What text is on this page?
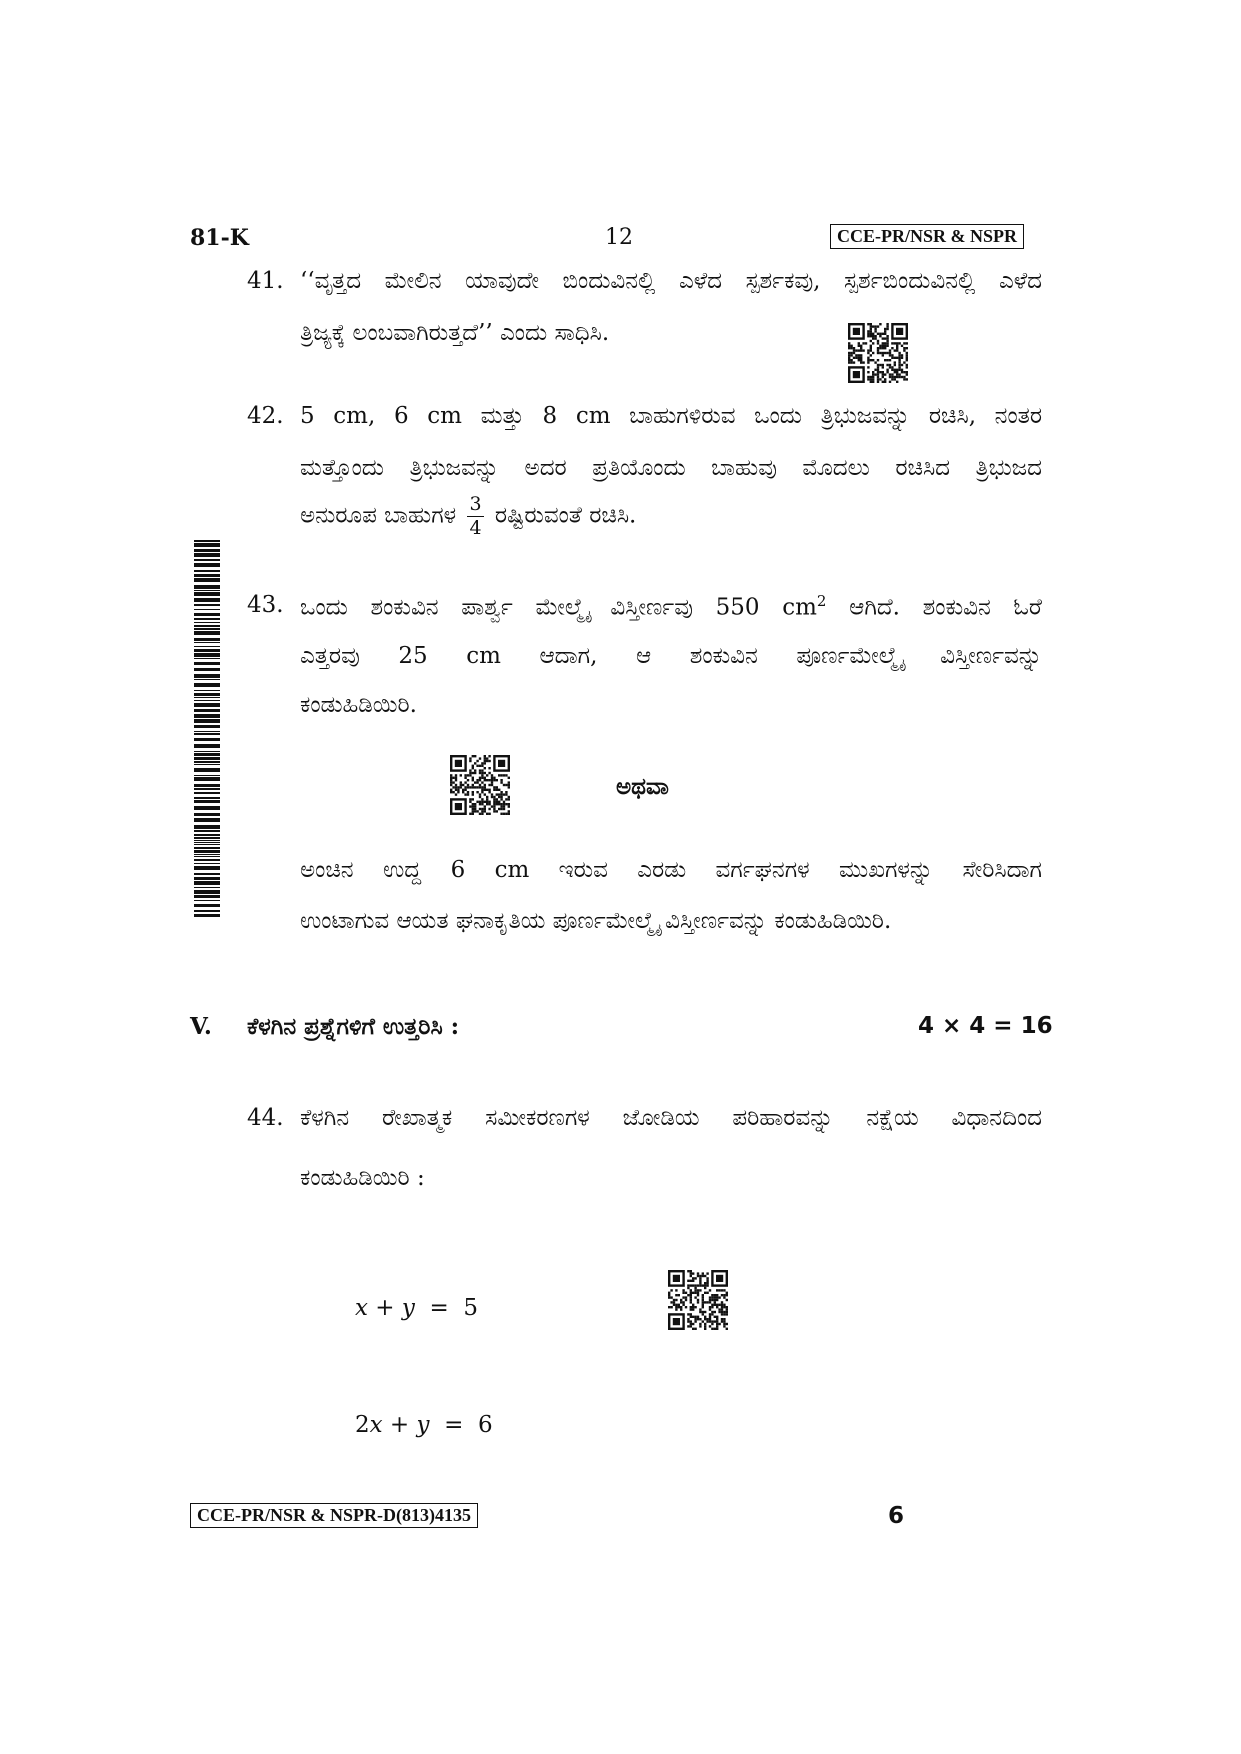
81-K	12	CCE-PR/NSR & NSPR
41. ‘‘ವೃತ್ತದ ಮೇಲಿನ ಯಾವುದೇ ಬಿಂದುವಿನಲ್ಲಿ ಎಳೆದ ಸ್ಪರ್ಶಕವು, ಸ್ಪರ್ಶಬಿಂದುವಿನಲ್ಲಿ ಎಳೆದ
ತ್ರಿಜ್ಯಕ್ಕೆ ಲಂಬವಾಗಿರುತ್ತದೆ’’ ಎಂದು ಸಾಧಿಸಿ.
42. 5 cm, 6 cm ಮತ್ತು 8 cm ಬಾಹುಗಳಿರುವ ಒಂದು ತ್ರಿಭುಜವನ್ನು ರಚಿಸಿ, ನಂತರ
ಮತ್ತೊಂದು ತ್ರಿಭುಜವನ್ನು ಅದರ ಪ್ರತಿಯೊಂದು ಬಾಹುವು ಮೊದಲು ರಚಿಸಿದ ತ್ರಿಭುಜದ
ಅನುರೂಪ ಬಾಹುಗಳ $\frac{3}{4}$ ರಷ್ಟಿರುವಂತೆ ರಚಿಸಿ.
43. ಒಂದು ಶಂಕುವಿನ ಪಾರ್ಶ್ವ ಮೇಲ್ಮೈ ವಿಸ್ತೀರ್ಣವು 550 $cm^2$ ಆಗಿದೆ. ಶಂಕುವಿನ ಓರೆ
ಎತ್ತರವು 25 cm ಆದಾಗ, ಆ ಶಂಕುವಿನ ಪೂರ್ಣಮೇಲ್ಮೈ ವಿಸ್ತೀರ್ಣವನ್ನು
ಕಂಡುಹಿಡಿಯಿರಿ.
ಅಥವಾ
ಅಂಚಿನ ಉದ್ದ 6 cm ಇರುವ ಎರಡು ವರ್ಗಘನಗಳ ಮುಖಗಳನ್ನು ಸೇರಿಸಿದಾಗ
ಉಂಟಾಗುವ ಆಯತ ಘನಾಕೃತಿಯ ಪೂರ್ಣಮೇಲ್ಮೈ ವಿಸ್ತೀರ್ಣವನ್ನು ಕಂಡುಹಿಡಿಯಿರಿ.
V. ಕೆಳಗಿನ ಪ್ರಶ್ನೆಗಳಿಗೆ ಉತ್ತರಿಸಿ :	4 × 4 = 16
44. ಕೆಳಗಿನ ರೇಖಾತ್ಮಕ ಸಮೀಕರಣಗಳ ಜೋಡಿಯ ಪರಿಹಾರವನ್ನು ನಕ್ಷೆಯ ವಿಧಾನದಿಂದ
ಕಂಡುಹಿಡಿಯಿರಿ :
x + y  =  5
2x + y  =  6
CCE-PR/NSR & NSPR-D(813)4135	6
